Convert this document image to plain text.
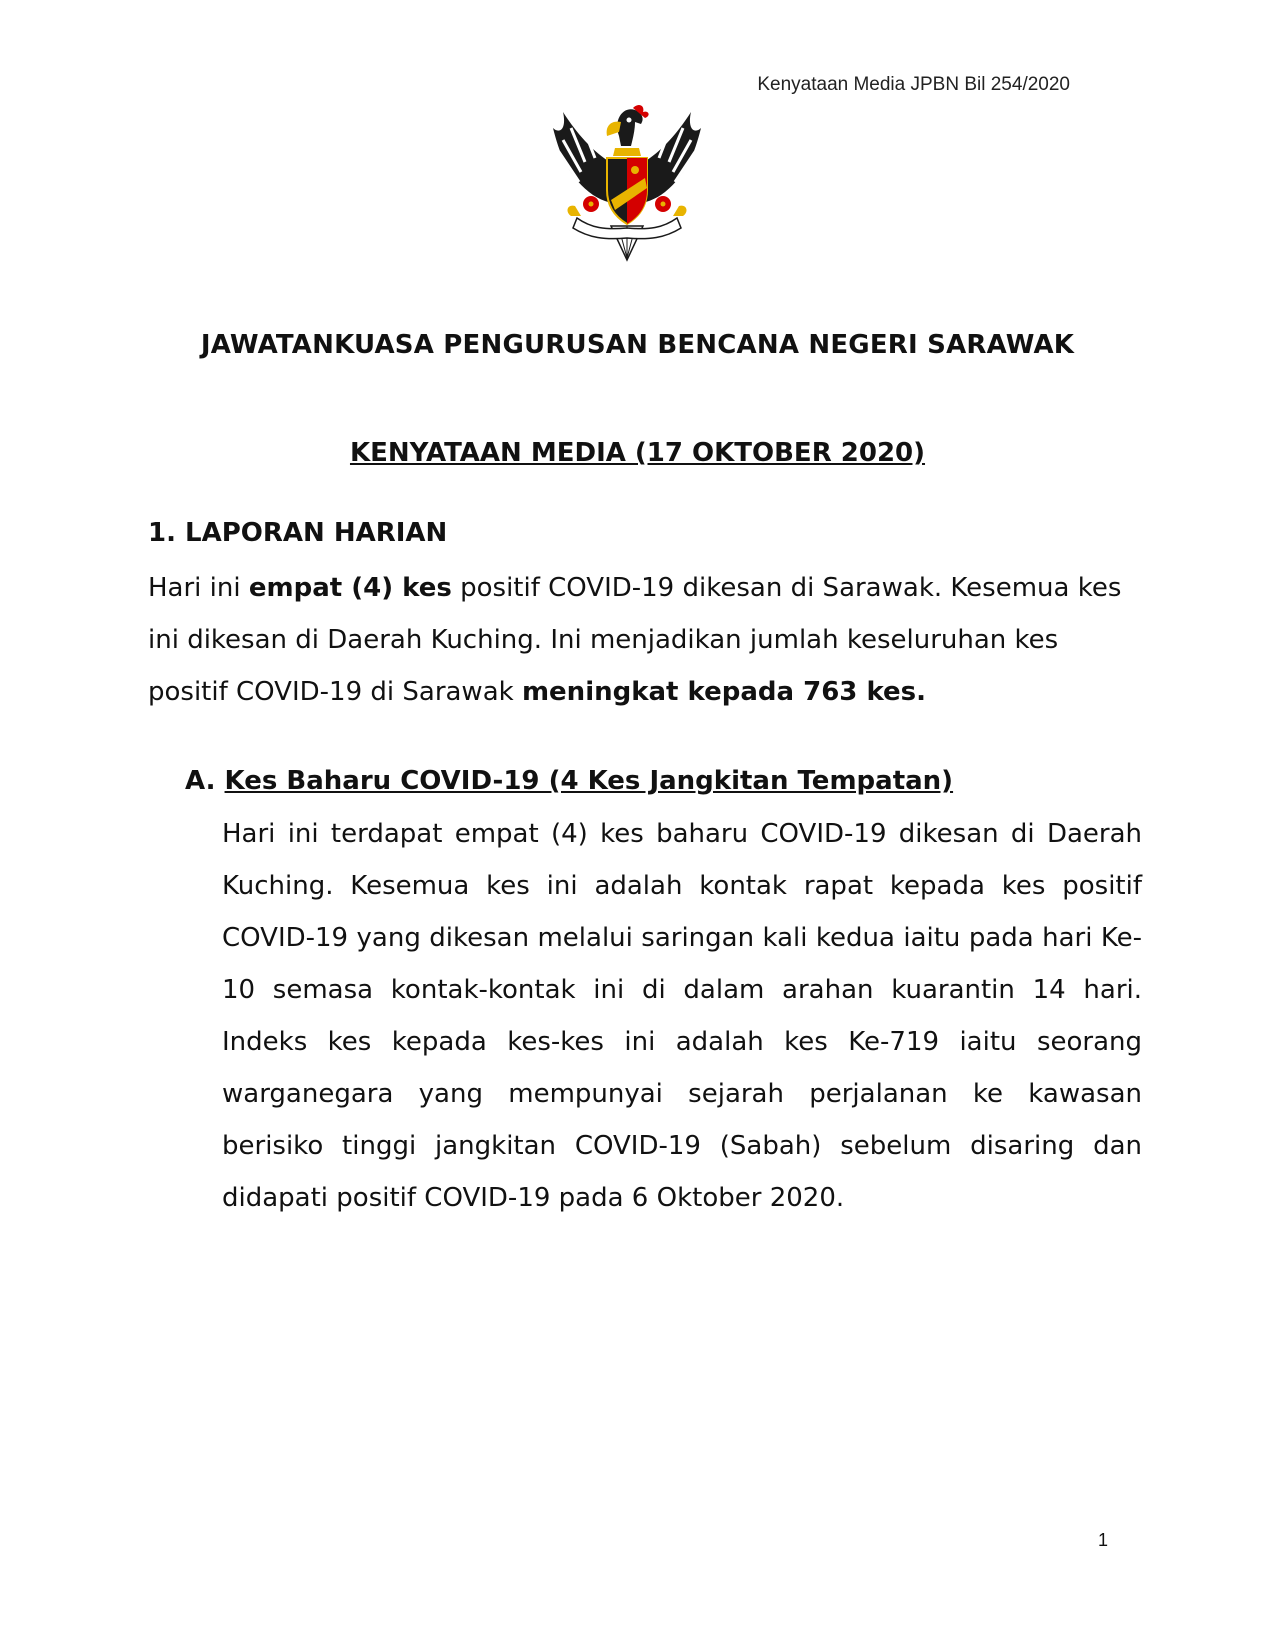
Kenyataan Media JPBN Bil 254/2020

JAWATANKUASA PENGURUSAN BENCANA NEGERI SARAWAK
KENYATAAN MEDIA (17 OKTOBER 2020)
1. LAPORAN HARIAN

Hari ini empat (4) kes positif COVID-19 dikesan di Sarawak. Kesemua kes ini dikesan di Daerah Kuching. Ini menjadikan jumlah keseluruhan kes positif COVID-19 di Sarawak meningkat kepada 763 kes.

A. Kes Baharu COVID-19 (4 Kes Jangkitan Tempatan)

Hari ini terdapat empat (4) kes baharu COVID-19 dikesan di Daerah Kuching. Kesemua kes ini adalah kontak rapat kepada kes positif COVID-19 yang dikesan melalui saringan kali kedua iaitu pada hari Ke-10 semasa kontak-kontak ini di dalam arahan kuarantin 14 hari. Indeks kes kepada kes-kes ini adalah kes Ke-719 iaitu seorang warganegara yang mempunyai sejarah perjalanan ke kawasan berisiko tinggi jangkitan COVID-19 (Sabah) sebelum disaring dan didapati positif COVID-19 pada 6 Oktober 2020.

1
